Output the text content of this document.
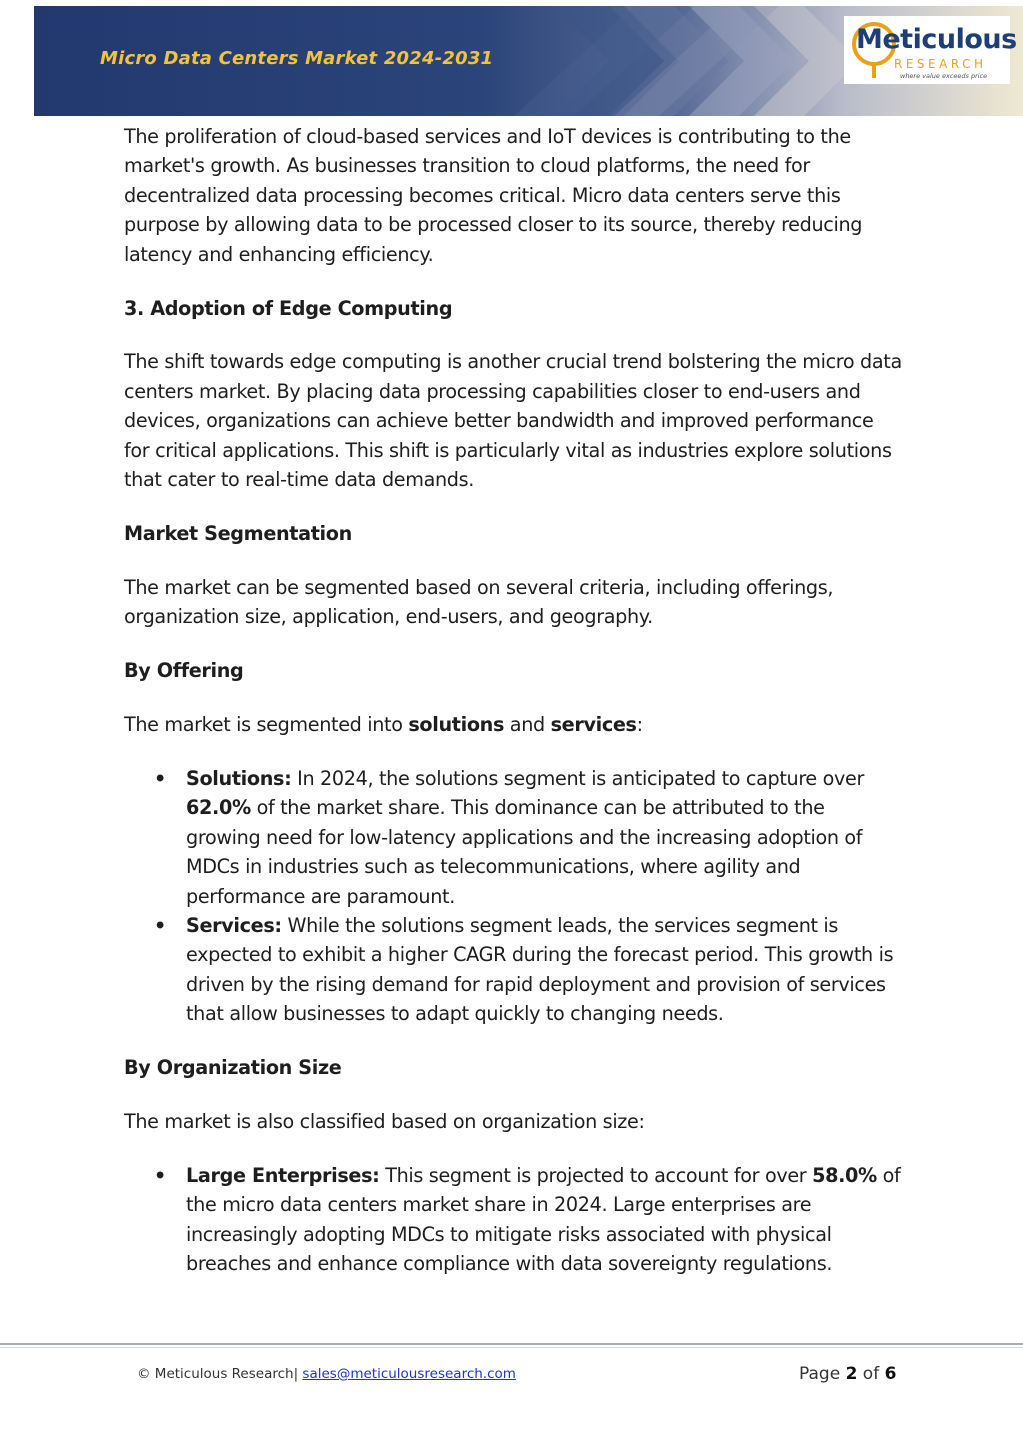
Micro Data Centers Market 2024-2031
Meticulous
RESEARCH
where value exceeds price

The proliferation of cloud-based services and IoT devices is contributing to the market's growth. As businesses transition to cloud platforms, the need for decentralized data processing becomes critical. Micro data centers serve this purpose by allowing data to be processed closer to its source, thereby reducing latency and enhancing efficiency.

3. Adoption of Edge Computing

The shift towards edge computing is another crucial trend bolstering the micro data centers market. By placing data processing capabilities closer to end-users and devices, organizations can achieve better bandwidth and improved performance for critical applications. This shift is particularly vital as industries explore solutions that cater to real-time data demands.

Market Segmentation

The market can be segmented based on several criteria, including offerings, organization size, application, end-users, and geography.

By Offering

The market is segmented into solutions and services:

• Solutions: In 2024, the solutions segment is anticipated to capture over 62.0% of the market share. This dominance can be attributed to the growing need for low-latency applications and the increasing adoption of MDCs in industries such as telecommunications, where agility and performance are paramount.
• Services: While the solutions segment leads, the services segment is expected to exhibit a higher CAGR during the forecast period. This growth is driven by the rising demand for rapid deployment and provision of services that allow businesses to adapt quickly to changing needs.
By Organization Size

The market is also classified based on organization size:

• Large Enterprises: This segment is projected to account for over 58.0% of the micro data centers market share in 2024. Large enterprises are increasingly adopting MDCs to mitigate risks associated with physical breaches and enhance compliance with data sovereignty regulations.
© Meticulous Research| sales@meticulousresearch.com	Page 2 of 6
